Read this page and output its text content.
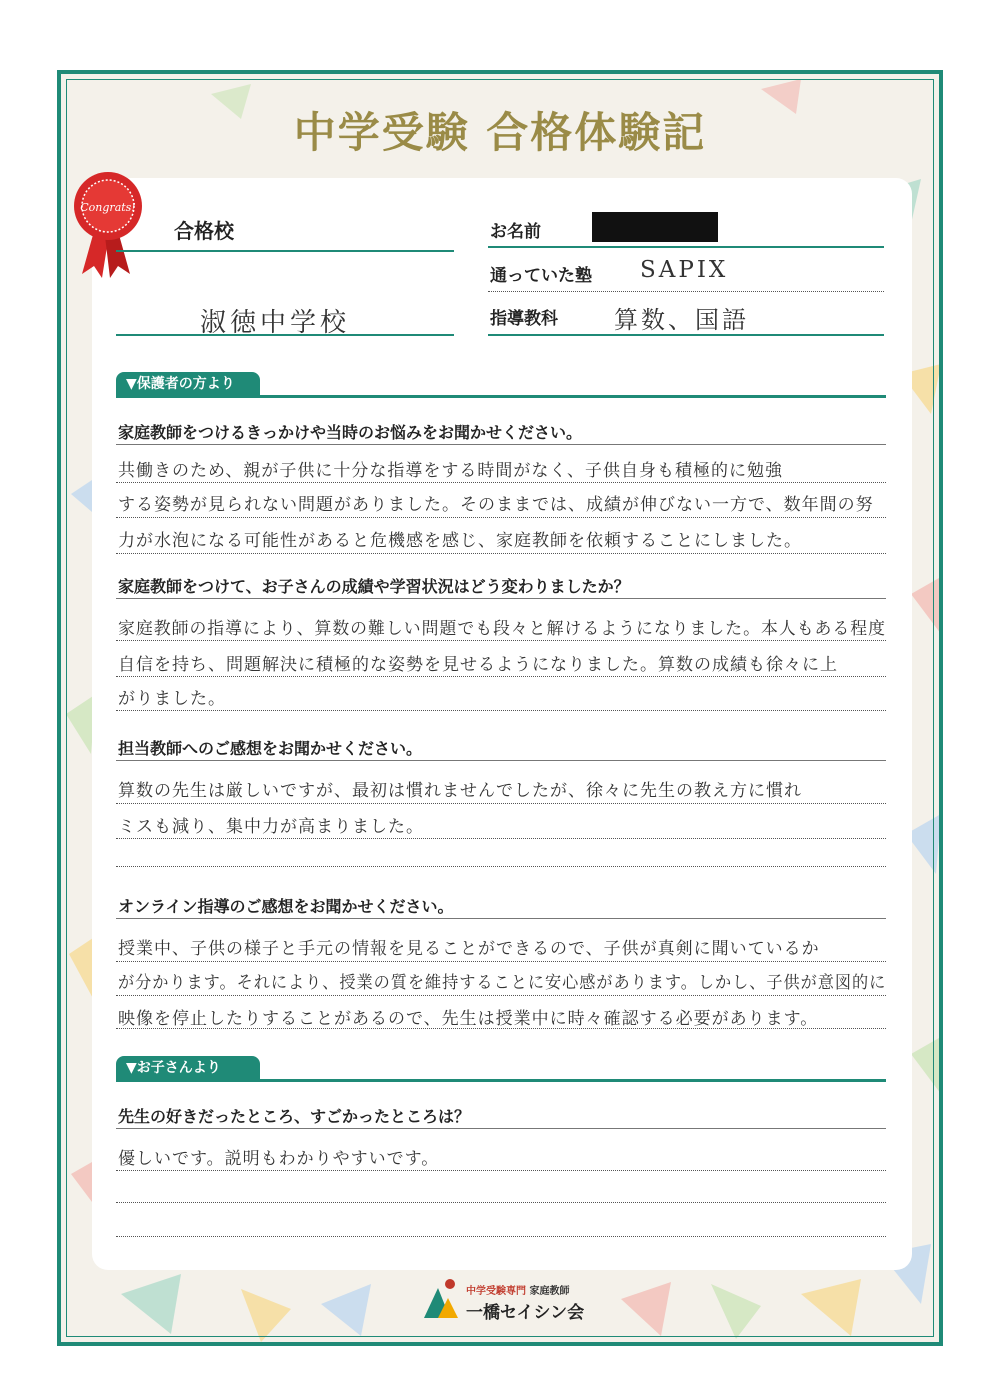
中学受験 合格体験記
Congrats!
合格校
淑徳中学校
お名前
通っていた塾 SAPIX
指導教科 算数、国語
▼保護者の方より
家庭教師をつけるきっかけや当時のお悩みをお聞かせください。
共働きのため、親が子供に十分な指導をする時間がなく、子供自身も積極的に勉強
する姿勢が見られない問題がありました。そのままでは、成績が伸びない一方で、数年間の努
力が水泡になる可能性があると危機感を感じ、家庭教師を依頼することにしました。
家庭教師をつけて、お子さんの成績や学習状況はどう変わりましたか？
家庭教師の指導により、算数の難しい問題でも段々と解けるようになりました。本人もある程度
自信を持ち、問題解決に積極的な姿勢を見せるようになりました。算数の成績も徐々に上
がりました。
担当教師へのご感想をお聞かせください。
算数の先生は厳しいですが、最初は慣れませんでしたが、徐々に先生の教え方に慣れ
ミスも減り、集中力が高まりました。
オンライン指導のご感想をお聞かせください。
授業中、子供の様子と手元の情報を見ることができるので、子供が真剣に聞いているか
が分かります。それにより、授業の質を維持することに安心感があります。しかし、子供が意図的に
映像を停止したりすることがあるので、先生は授業中に時々確認する必要があります。
▼お子さんより
先生の好きだったところ、すごかったところは？
優しいです。説明もわかりやすいです。
中学受験専門 家庭教師
一橋セイシン会
